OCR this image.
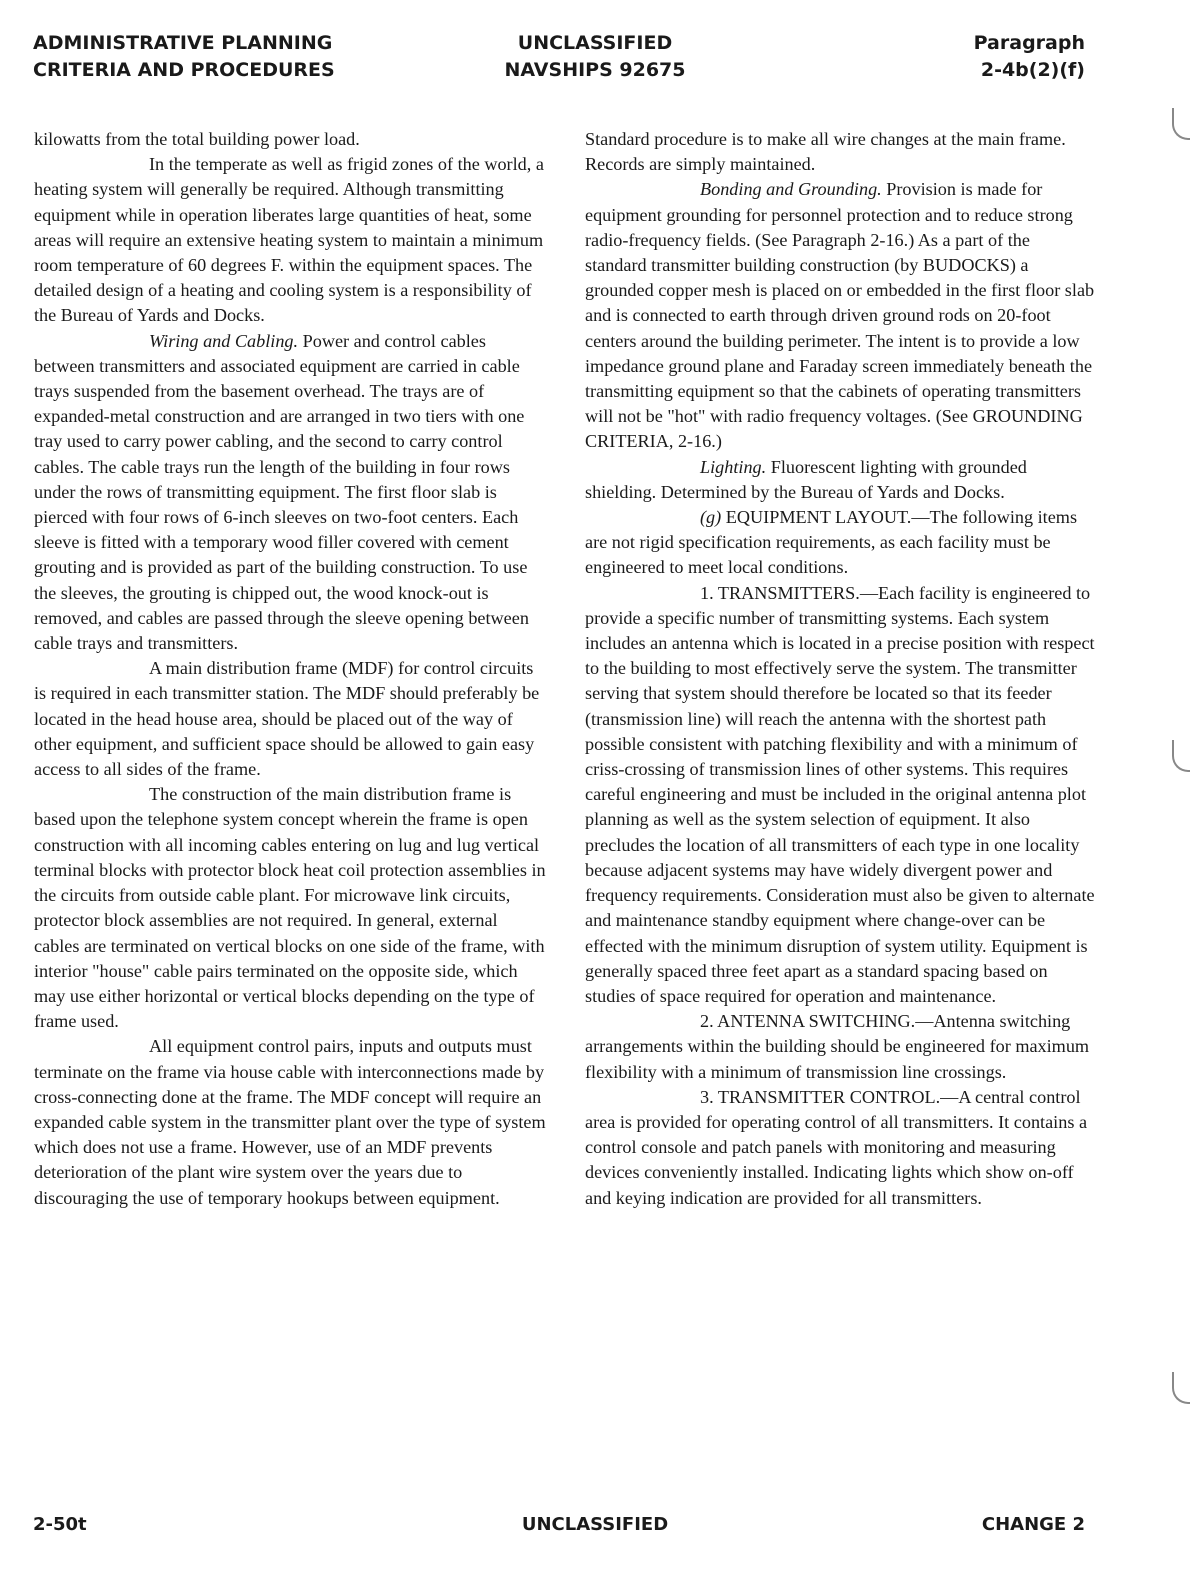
ADMINISTRATIVE PLANNING
CRITERIA AND PROCEDURES
UNCLASSIFIED
NAVSHIPS 92675
Paragraph
2-4b(2)(f)

kilowatts from the total building power load.

In the temperate as well as frigid zones of the world, a heating system will generally be required. Although transmitting equipment while in operation liberates large quantities of heat, some areas will require an extensive heating system to maintain a minimum room temperature of 60 degrees F. within the equipment spaces. The detailed design of a heating and cooling system is a responsibility of the Bureau of Yards and Docks.

Wiring and Cabling. Power and control cables between transmitters and associated equipment are carried in cable trays suspended from the basement overhead. The trays are of expanded-metal construction and are arranged in two tiers with one tray used to carry power cabling, and the second to carry control cables. The cable trays run the length of the building in four rows under the rows of transmitting equipment. The first floor slab is pierced with four rows of 6-inch sleeves on two-foot centers. Each sleeve is fitted with a temporary wood filler covered with cement grouting and is provided as part of the building construction. To use the sleeves, the grouting is chipped out, the wood knock-out is removed, and cables are passed through the sleeve opening between cable trays and transmitters.

A main distribution frame (MDF) for control circuits is required in each transmitter station. The MDF should preferably be located in the head house area, should be placed out of the way of other equipment, and sufficient space should be allowed to gain easy access to all sides of the frame.

The construction of the main distribution frame is based upon the telephone system concept wherein the frame is open construction with all incoming cables entering on lug and lug vertical terminal blocks with protector block heat coil protection assemblies in the circuits from outside cable plant. For microwave link circuits, protector block assemblies are not required. In general, external cables are terminated on vertical blocks on one side of the frame, with interior "house" cable pairs terminated on the opposite side, which may use either horizontal or vertical blocks depending on the type of frame used.

All equipment control pairs, inputs and outputs must terminate on the frame via house cable with interconnections made by cross-connecting done at the frame. The MDF concept will require an expanded cable system in the transmitter plant over the type of system which does not use a frame. However, use of an MDF prevents deterioration of the plant wire system over the years due to discouraging the use of temporary hookups between equipment.

Standard procedure is to make all wire changes at the main frame. Records are simply maintained.

Bonding and Grounding. Provision is made for equipment grounding for personnel protection and to reduce strong radio-frequency fields. (See Paragraph 2-16.) As a part of the standard transmitter building construction (by BUDOCKS) a grounded copper mesh is placed on or embedded in the first floor slab and is connected to earth through driven ground rods on 20-foot centers around the building perimeter. The intent is to provide a low impedance ground plane and Faraday screen immediately beneath the transmitting equipment so that the cabinets of operating transmitters will not be "hot" with radio frequency voltages. (See GROUNDING CRITERIA, 2-16.)

Lighting. Fluorescent lighting with grounded shielding. Determined by the Bureau of Yards and Docks.

(g) EQUIPMENT LAYOUT.—The following items are not rigid specification requirements, as each facility must be engineered to meet local conditions.

1. TRANSMITTERS.—Each facility is engineered to provide a specific number of transmitting systems. Each system includes an antenna which is located in a precise position with respect to the building to most effectively serve the system. The transmitter serving that system should therefore be located so that its feeder (transmission line) will reach the antenna with the shortest path possible consistent with patching flexibility and with a minimum of criss-crossing of transmission lines of other systems. This requires careful engineering and must be included in the original antenna plot planning as well as the system selection of equipment. It also precludes the location of all transmitters of each type in one locality because adjacent systems may have widely divergent power and frequency requirements. Consideration must also be given to alternate and maintenance standby equipment where change-over can be effected with the minimum disruption of system utility. Equipment is generally spaced three feet apart as a standard spacing based on studies of space required for operation and maintenance.

2. ANTENNA SWITCHING.—Antenna switching arrangements within the building should be engineered for maximum flexibility with a minimum of transmission line crossings.

3. TRANSMITTER CONTROL.—A central control area is provided for operating control of all transmitters. It contains a control console and patch panels with monitoring and measuring devices conveniently installed. Indicating lights which show on-off and keying indication are provided for all transmitters.

2-50t	UNCLASSIFIED	CHANGE 2
